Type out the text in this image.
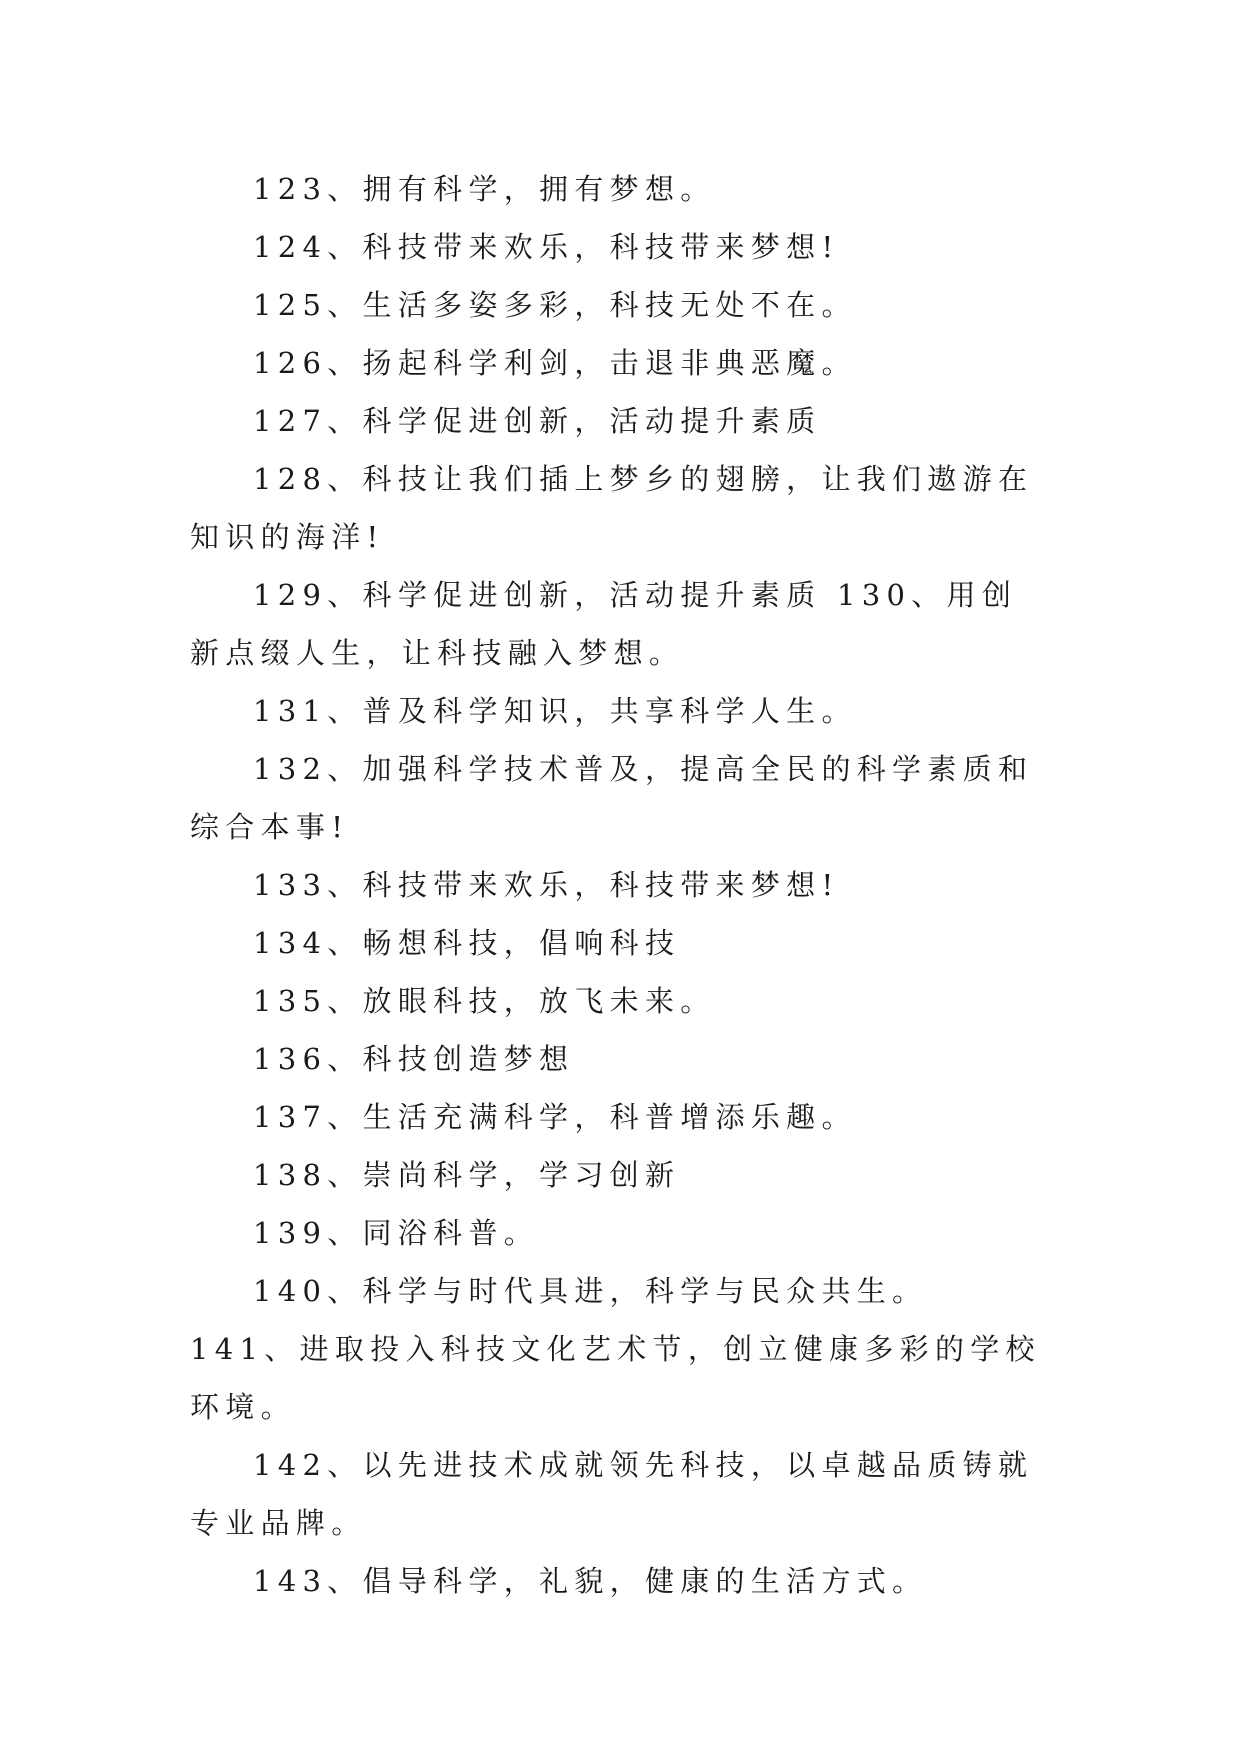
123、拥有科学，拥有梦想。

124、科技带来欢乐，科技带来梦想!

125、生活多姿多彩，科技无处不在。

126、扬起科学利剑，击退非典恶魔。

127、科学促进创新，活动提升素质

128、科技让我们插上梦乡的翅膀，让我们遨游在知识的海洋!

129、科学促进创新，活动提升素质 130、用创新点缀人生，让科技融入梦想。

131、普及科学知识，共享科学人生。

132、加强科学技术普及，提高全民的科学素质和综合本事!

133、科技带来欢乐，科技带来梦想!

134、畅想科技，倡响科技

135、放眼科技，放飞未来。

136、科技创造梦想

137、生活充满科学，科普增添乐趣。

138、崇尚科学，学习创新

139、同浴科普。

140、科学与时代具进，科学与民众共生。 141、进取投入科技文化艺术节，创立健康多彩的学校环境。

142、以先进技术成就领先科技，以卓越品质铸就专业品牌。

143、倡导科学，礼貌，健康的生活方式。
